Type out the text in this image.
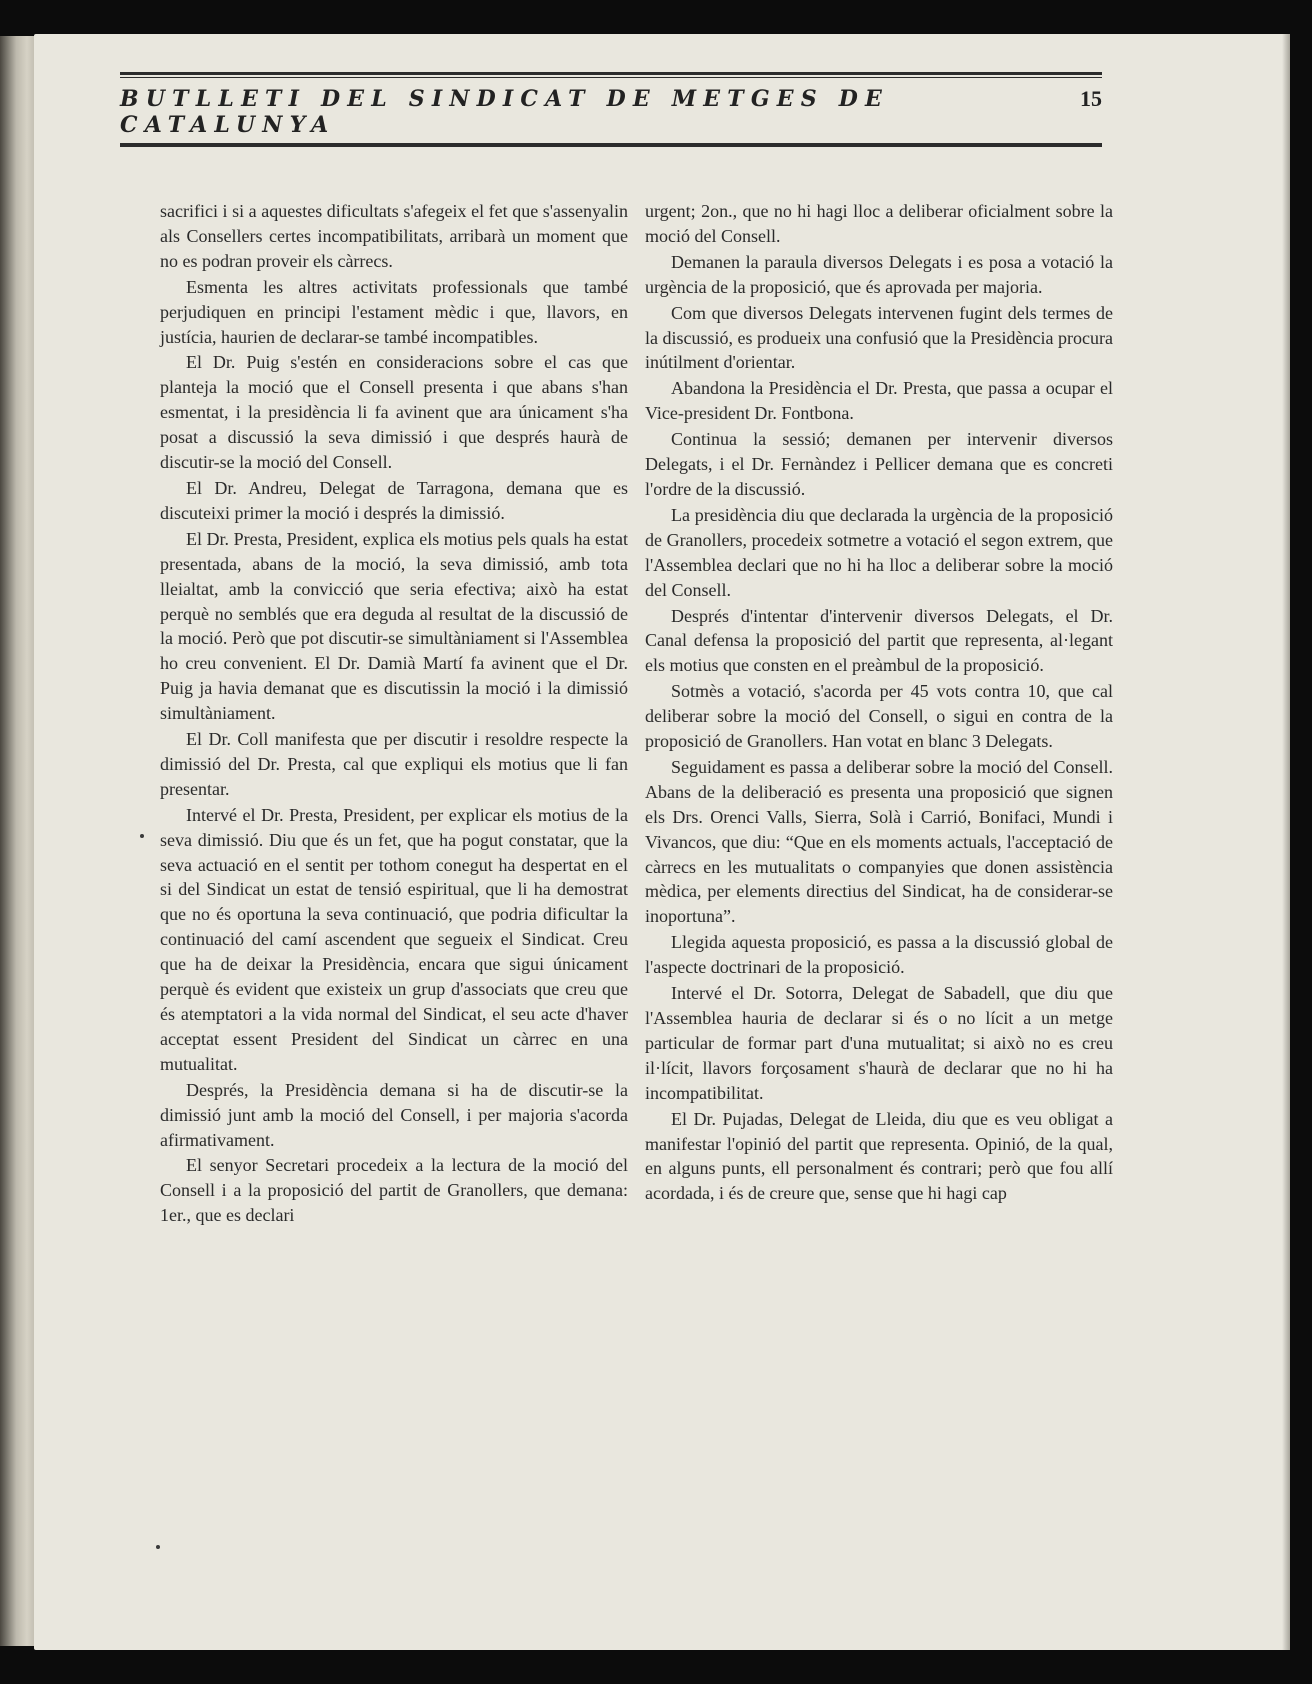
BUTLLETI DEL SINDICAT DE METGES DE CATALUNYA
15

sacrifici i si a aquestes dificultats s'afegeix el fet que s'assenyalin als Consellers certes incompatibilitats, arribarà un moment que no es podran proveir els càrrecs.

Esmenta les altres activitats professionals que també perjudiquen en principi l'estament mèdic i que, llavors, en justícia, haurien de declarar-se també incompatibles.

El Dr. Puig s'estén en consideracions sobre el cas que planteja la moció que el Consell presenta i que abans s'han esmentat, i la presidència li fa avinent que ara únicament s'ha posat a discussió la seva dimissió i que després haurà de discutir-se la moció del Consell.

El Dr. Andreu, Delegat de Tarragona, demana que es discuteixi primer la moció i després la dimissió.

El Dr. Presta, President, explica els motius pels quals ha estat presentada, abans de la moció, la seva dimissió, amb tota lleialtat, amb la convicció que seria efectiva; això ha estat perquè no semblés que era deguda al resultat de la discussió de la moció. Però que pot discutir-se simultàniament si l'Assemblea ho creu convenient. El Dr. Damià Martí fa avinent que el Dr. Puig ja havia demanat que es discutissin la moció i la dimissió simultàniament.

El Dr. Coll manifesta que per discutir i resoldre respecte la dimissió del Dr. Presta, cal que expliqui els motius que li fan presentar.

Intervé el Dr. Presta, President, per explicar els motius de la seva dimissió. Diu que és un fet, que ha pogut constatar, que la seva actuació en el sentit per tothom conegut ha despertat en el si del Sindicat un estat de tensió espiritual, que li ha demostrat que no és oportuna la seva continuació, que podria dificultar la continuació del camí ascendent que segueix el Sindicat. Creu que ha de deixar la Presidència, encara que sigui únicament perquè és evident que existeix un grup d'associats que creu que és atemptatori a la vida normal del Sindicat, el seu acte d'haver acceptat essent President del Sindicat un càrrec en una mutualitat.

Després, la Presidència demana si ha de discutir-se la dimissió junt amb la moció del Consell, i per majoria s'acorda afirmativament.

El senyor Secretari procedeix a la lectura de la moció del Consell i a la proposició del partit de Granollers, que demana: 1er., que es declari

urgent; 2on., que no hi hagi lloc a deliberar oficialment sobre la moció del Consell.

Demanen la paraula diversos Delegats i es posa a votació la urgència de la proposició, que és aprovada per majoria.

Com que diversos Delegats intervenen fugint dels termes de la discussió, es produeix una confusió que la Presidència procura inútilment d'orientar.

Abandona la Presidència el Dr. Presta, que passa a ocupar el Vice-president Dr. Fontbona.

Continua la sessió; demanen per intervenir diversos Delegats, i el Dr. Fernàndez i Pellicer demana que es concreti l'ordre de la discussió.

La presidència diu que declarada la urgència de la proposició de Granollers, procedeix sotmetre a votació el segon extrem, que l'Assemblea declari que no hi ha lloc a deliberar sobre la moció del Consell.

Després d'intentar d'intervenir diversos Delegats, el Dr. Canal defensa la proposició del partit que representa, al·legant els motius que consten en el preàmbul de la proposició.

Sotmès a votació, s'acorda per 45 vots contra 10, que cal deliberar sobre la moció del Consell, o sigui en contra de la proposició de Granollers. Han votat en blanc 3 Delegats.

Seguidament es passa a deliberar sobre la moció del Consell. Abans de la deliberació es presenta una proposició que signen els Drs. Orenci Valls, Sierra, Solà i Carrió, Bonifaci, Mundi i Vivancos, que diu: “Que en els moments actuals, l'acceptació de càrrecs en les mutualitats o companyies que donen assistència mèdica, per elements directius del Sindicat, ha de considerar-se inoportuna”.

Llegida aquesta proposició, es passa a la discussió global de l'aspecte doctrinari de la proposició.

Intervé el Dr. Sotorra, Delegat de Sabadell, que diu que l'Assemblea hauria de declarar si és o no lícit a un metge particular de formar part d'una mutualitat; si això no es creu il·lícit, llavors forçosament s'haurà de declarar que no hi ha incompatibilitat.

El Dr. Pujadas, Delegat de Lleida, diu que es veu obligat a manifestar l'opinió del partit que representa. Opinió, de la qual, en alguns punts, ell personalment és contrari; però que fou allí acordada, i és de creure que, sense que hi hagi cap
